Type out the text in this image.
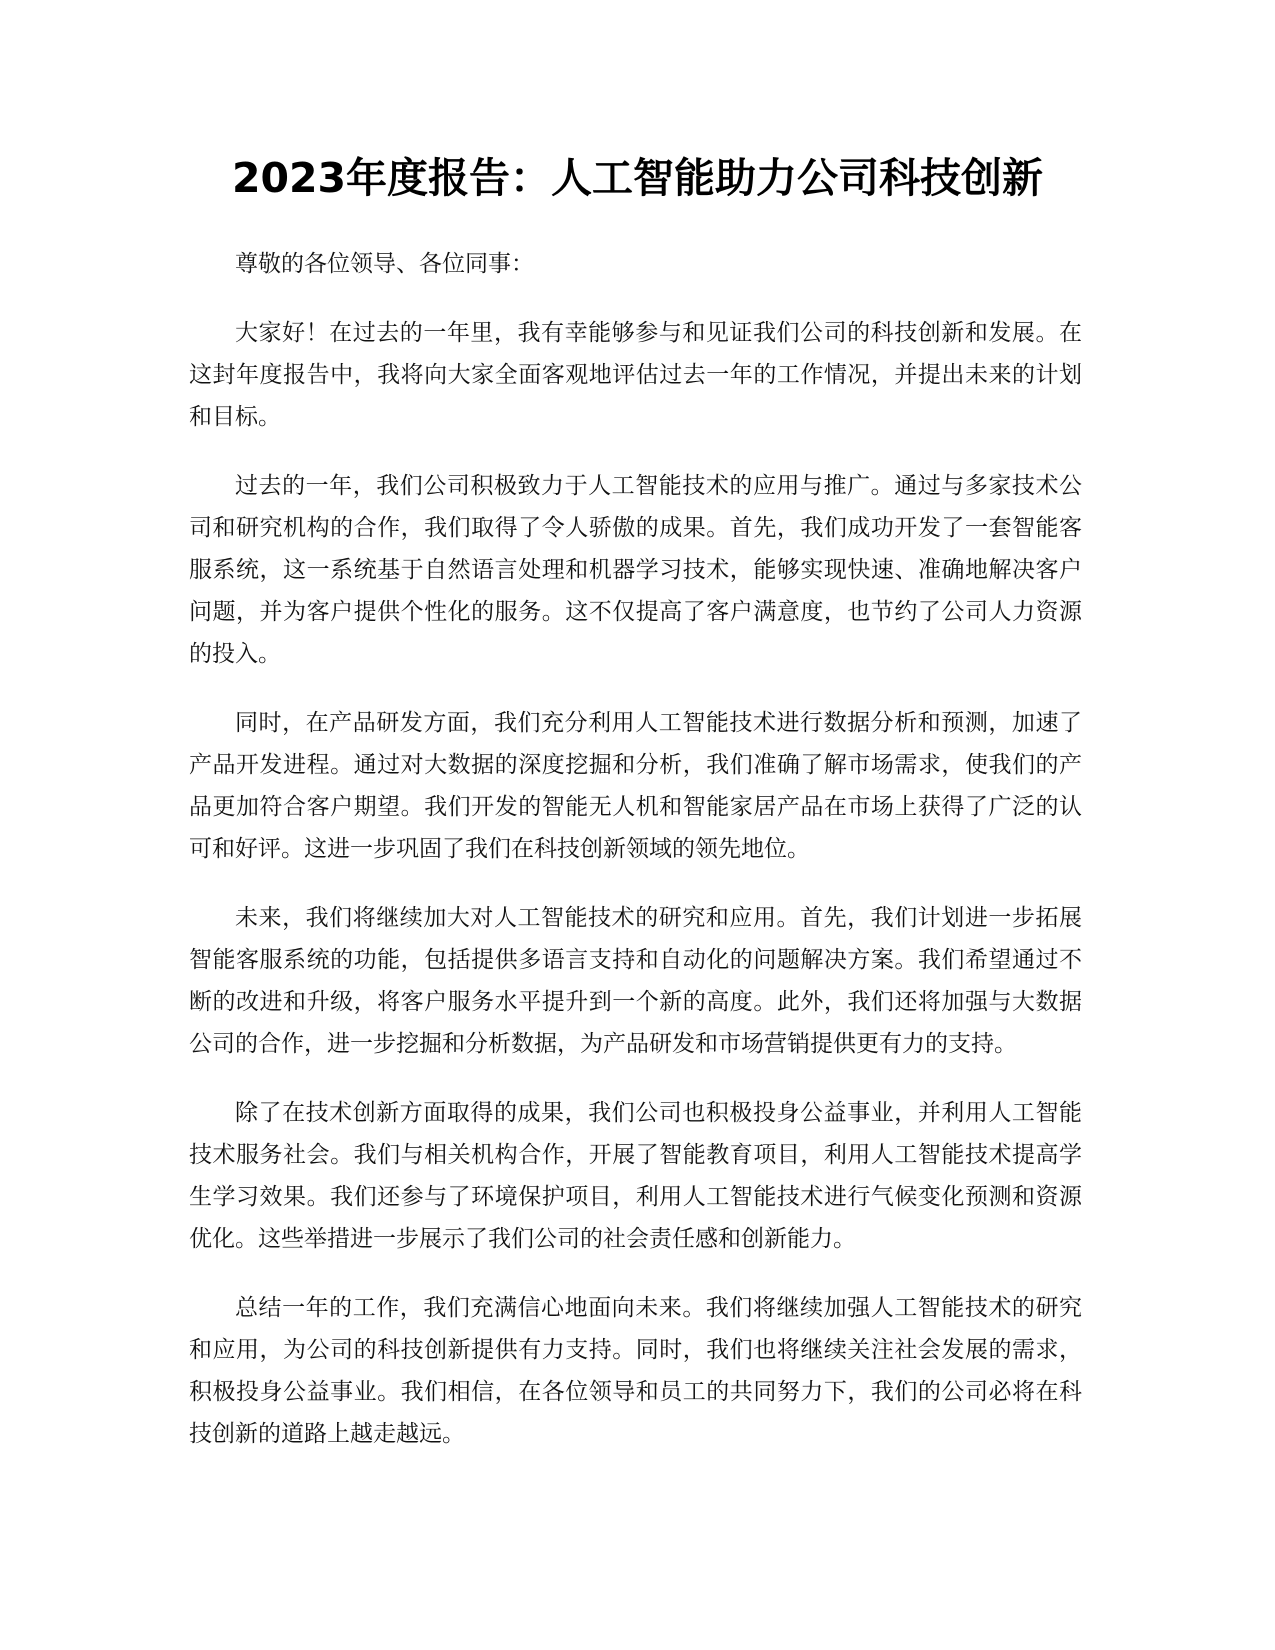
2023年度报告：人工智能助力公司科技创新

尊敬的各位领导、各位同事：

大家好！在过去的一年里，我有幸能够参与和见证我们公司的科技创新和发展。在这封年度报告中，我将向大家全面客观地评估过去一年的工作情况，并提出未来的计划和目标。

过去的一年，我们公司积极致力于人工智能技术的应用与推广。通过与多家技术公司和研究机构的合作，我们取得了令人骄傲的成果。首先，我们成功开发了一套智能客服系统，这一系统基于自然语言处理和机器学习技术，能够实现快速、准确地解决客户问题，并为客户提供个性化的服务。这不仅提高了客户满意度，也节约了公司人力资源的投入。

同时，在产品研发方面，我们充分利用人工智能技术进行数据分析和预测，加速了产品开发进程。通过对大数据的深度挖掘和分析，我们准确了解市场需求，使我们的产品更加符合客户期望。我们开发的智能无人机和智能家居产品在市场上获得了广泛的认可和好评。这进一步巩固了我们在科技创新领域的领先地位。

未来，我们将继续加大对人工智能技术的研究和应用。首先，我们计划进一步拓展智能客服系统的功能，包括提供多语言支持和自动化的问题解决方案。我们希望通过不断的改进和升级，将客户服务水平提升到一个新的高度。此外，我们还将加强与大数据公司的合作，进一步挖掘和分析数据，为产品研发和市场营销提供更有力的支持。

除了在技术创新方面取得的成果，我们公司也积极投身公益事业，并利用人工智能技术服务社会。我们与相关机构合作，开展了智能教育项目，利用人工智能技术提高学生学习效果。我们还参与了环境保护项目，利用人工智能技术进行气候变化预测和资源优化。这些举措进一步展示了我们公司的社会责任感和创新能力。

总结一年的工作，我们充满信心地面向未来。我们将继续加强人工智能技术的研究和应用，为公司的科技创新提供有力支持。同时，我们也将继续关注社会发展的需求，积极投身公益事业。我们相信，在各位领导和员工的共同努力下，我们的公司必将在科技创新的道路上越走越远。
